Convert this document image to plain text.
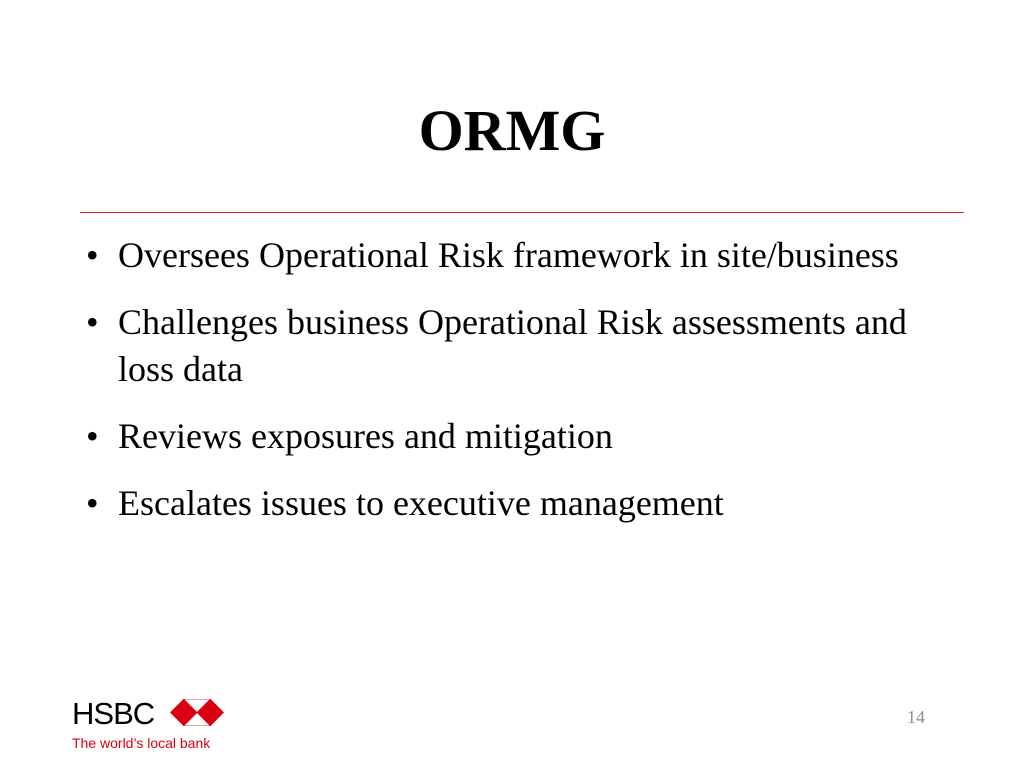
ORMG
• Oversees Operational Risk framework in site/business
• Challenges business Operational Risk assessments and loss data
• Reviews exposures and mitigation
• Escalates issues to executive management
HSBC
The world’s local bank
14
